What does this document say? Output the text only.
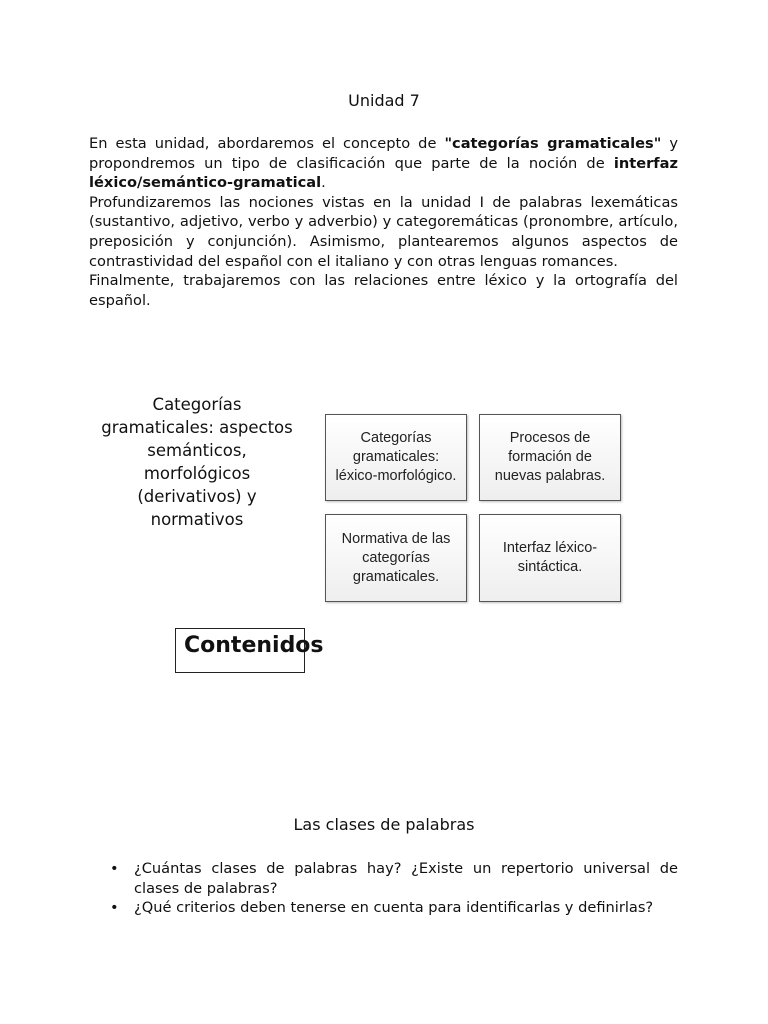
Unidad 7

En esta unidad, abordaremos el concepto de "categorías gramaticales" y propondremos un tipo de clasificación que parte de la noción de interfaz léxico/semántico-gramatical.

Profundizaremos las nociones vistas en la unidad I de palabras lexemáticas (sustantivo, adjetivo, verbo y adverbio) y categoremáticas (pronombre, artículo, preposición y conjunción). Asimismo, plantearemos algunos aspectos de contrastividad del español con el italiano y con otras lenguas romances.

Finalmente, trabajaremos con las relaciones entre léxico y la ortografía del español.

Categorías gramaticales: aspectos semánticos, morfológicos (derivativos) y normativos
Categorías gramaticales: léxico-morfológico.
Procesos de formación de nuevas palabras.
Normativa de las categorías gramaticales.
Interfaz léxico-sintáctica.
Contenidos
Las clases de palabras
• ¿Cuántas clases de palabras hay? ¿Existe un repertorio universal de clases de palabras?
• ¿Qué criterios deben tenerse en cuenta para identificarlas y definirlas?
